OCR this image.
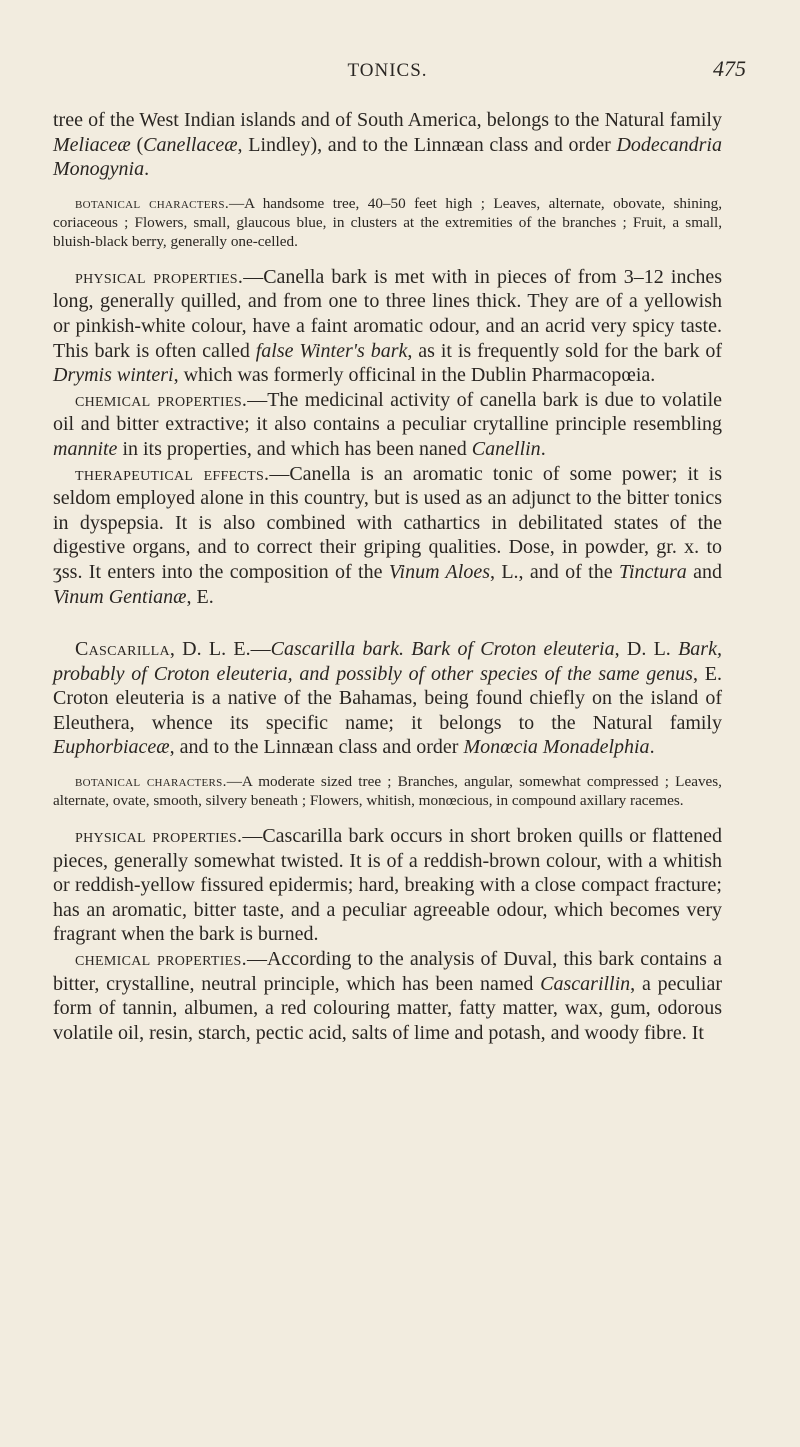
TONICS.	475

tree of the West Indian islands and of South America, belongs to the Natural family Meliaceæ (Canellaceæ, Lindley), and to the Linnæan class and order Dodecandria Monogynia.

botanical characters.—A handsome tree, 40–50 feet high ; Leaves, alternate, obovate, shining, coriaceous ; Flowers, small, glaucous blue, in clusters at the extremities of the branches ; Fruit, a small, bluish-black berry, generally one-celled.

physical properties.—Canella bark is met with in pieces of from 3–12 inches long, generally quilled, and from one to three lines thick. They are of a yellowish or pinkish-white colour, have a faint aromatic odour, and an acrid very spicy taste. This bark is often called false Winter's bark, as it is frequently sold for the bark of Drymis winteri, which was formerly officinal in the Dublin Pharmacopœia.

chemical properties.—The medicinal activity of canella bark is due to volatile oil and bitter extractive; it also contains a peculiar crytalline principle resembling mannite in its properties, and which has been naned Canellin.

therapeutical effects.—Canella is an aromatic tonic of some power; it is seldom employed alone in this country, but is used as an adjunct to the bitter tonics in dyspepsia. It is also combined with cathartics in debilitated states of the digestive organs, and to correct their griping qualities. Dose, in powder, gr. x. to ʒss. It enters into the composition of the Vinum Aloes, L., and of the Tinctura and Vinum Gentianæ, E.

Cascarilla, D. L. E.—Cascarilla bark. Bark of Croton eleuteria, D. L. Bark, probably of Croton eleuteria, and possibly of other species of the same genus, E. Croton eleuteria is a native of the Bahamas, being found chiefly on the island of Eleuthera, whence its specific name; it belongs to the Natural family Euphorbiaceæ, and to the Linnæan class and order Monœcia Monadelphia.

botanical characters.—A moderate sized tree ; Branches, angular, somewhat compressed ; Leaves, alternate, ovate, smooth, silvery beneath ; Flowers, whitish, monœcious, in compound axillary racemes.

physical properties.—Cascarilla bark occurs in short broken quills or flattened pieces, generally somewhat twisted. It is of a reddish-brown colour, with a whitish or reddish-yellow fissured epidermis; hard, breaking with a close compact fracture; has an aromatic, bitter taste, and a peculiar agreeable odour, which becomes very fragrant when the bark is burned.

chemical properties.—According to the analysis of Duval, this bark contains a bitter, crystalline, neutral principle, which has been named Cascarillin, a peculiar form of tannin, albumen, a red colouring matter, fatty matter, wax, gum, odorous volatile oil, resin, starch, pectic acid, salts of lime and potash, and woody fibre. It
